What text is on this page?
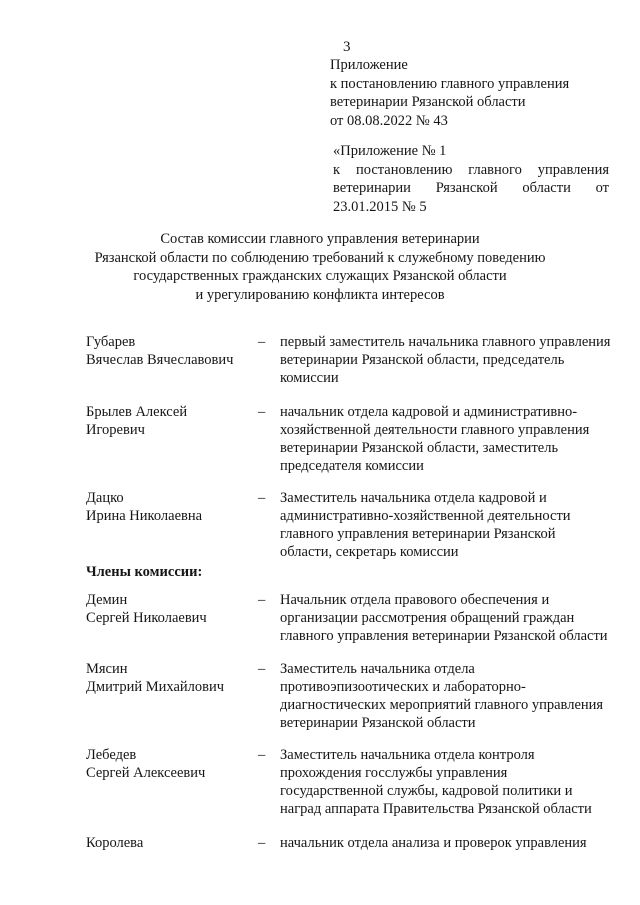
3
Приложение
к постановлению главного управления
ветеринарии Рязанской области
от 08.08.2022 № 43
«Приложение № 1
к постановлению главного управления
ветеринарии Рязанской области от
23.01.2015 № 5
Состав комиссии главного управления ветеринарии
Рязанской области по соблюдению требований к служебному поведению
государственных гражданских служащих Рязанской области
и урегулированию конфликта интересов
Губарев
Вячеслав Вячеславович
– первый заместитель начальника главного управления
ветеринарии Рязанской области, председатель
комиссии
Брылев Алексей
Игоревич
– начальник отдела кадровой и административно-
хозяйственной деятельности главного управления
ветеринарии Рязанской области, заместитель
председателя комиссии
Дацко
Ирина Николаевна
– Заместитель начальника отдела кадровой и
административно-хозяйственной деятельности
главного управления ветеринарии Рязанской
области, секретарь комиссии
Члены комиссии:
Демин
Сергей Николаевич
– Начальник отдела правового обеспечения и
организации рассмотрения обращений граждан
главного управления ветеринарии Рязанской области
Мясин
Дмитрий Михайлович
– Заместитель начальника отдела
противоэпизоотических и лабораторно-
диагностических мероприятий главного управления
ветеринарии Рязанской области
Лебедев
Сергей Алексеевич
– Заместитель начальника отдела контроля
прохождения госслужбы управления
государственной службы, кадровой политики и
наград аппарата Правительства Рязанской области
Королева	– начальник отдела анализа и проверок управления
